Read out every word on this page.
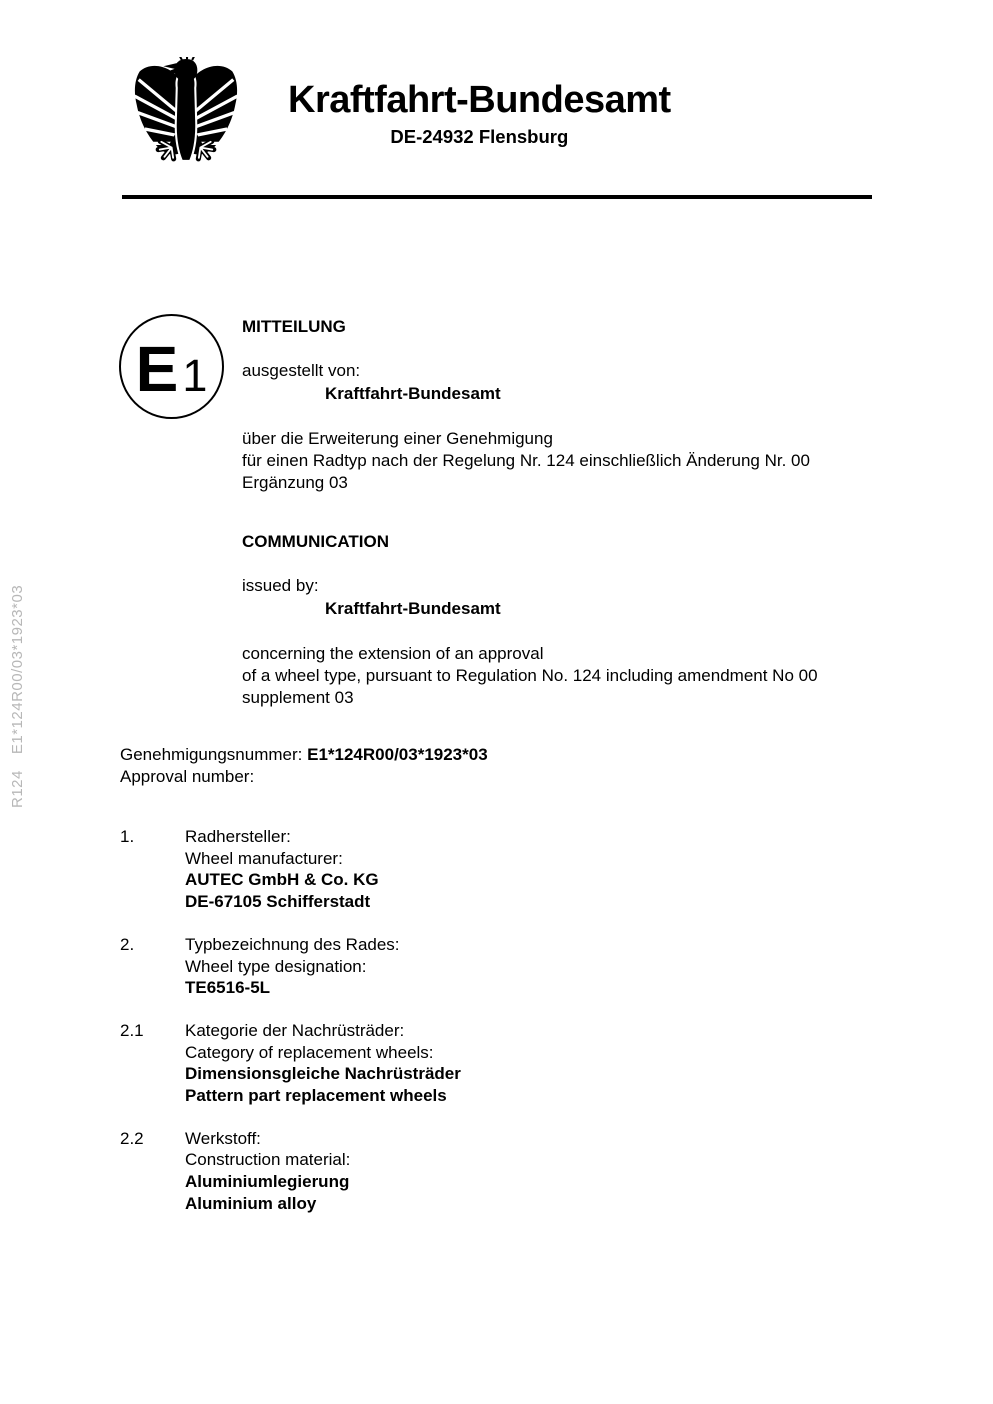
R124E1*124R00/03*1923*03
Kraftfahrt-Bundesamt
DE-24932 Flensburg
E 1
MITTEILUNG

ausgestellt von:

Kraftfahrt-Bundesamt

über die Erweiterung einer Genehmigung
für einen Radtyp nach der Regelung Nr. 124 einschließlich Änderung Nr. 00
Ergänzung 03

COMMUNICATION

issued by:

Kraftfahrt-Bundesamt

concerning the extension of an approval
of a wheel type, pursuant to Regulation No. 124 including amendment No 00
supplement 03

Genehmigungsnummer: E1*124R00/03*1923*03
Approval number:
1.	Radhersteller:
Wheel manufacturer:
AUTEC GmbH & Co. KG
DE-67105 Schifferstadt
2.	Typbezeichnung des Rades:
Wheel type designation:
TE6516-5L
2.1	Kategorie der Nachrüsträder:
Category of replacement wheels:
Dimensionsgleiche Nachrüsträder
Pattern part replacement wheels
2.2	Werkstoff:
Construction material:
Aluminiumlegierung
Aluminium alloy
